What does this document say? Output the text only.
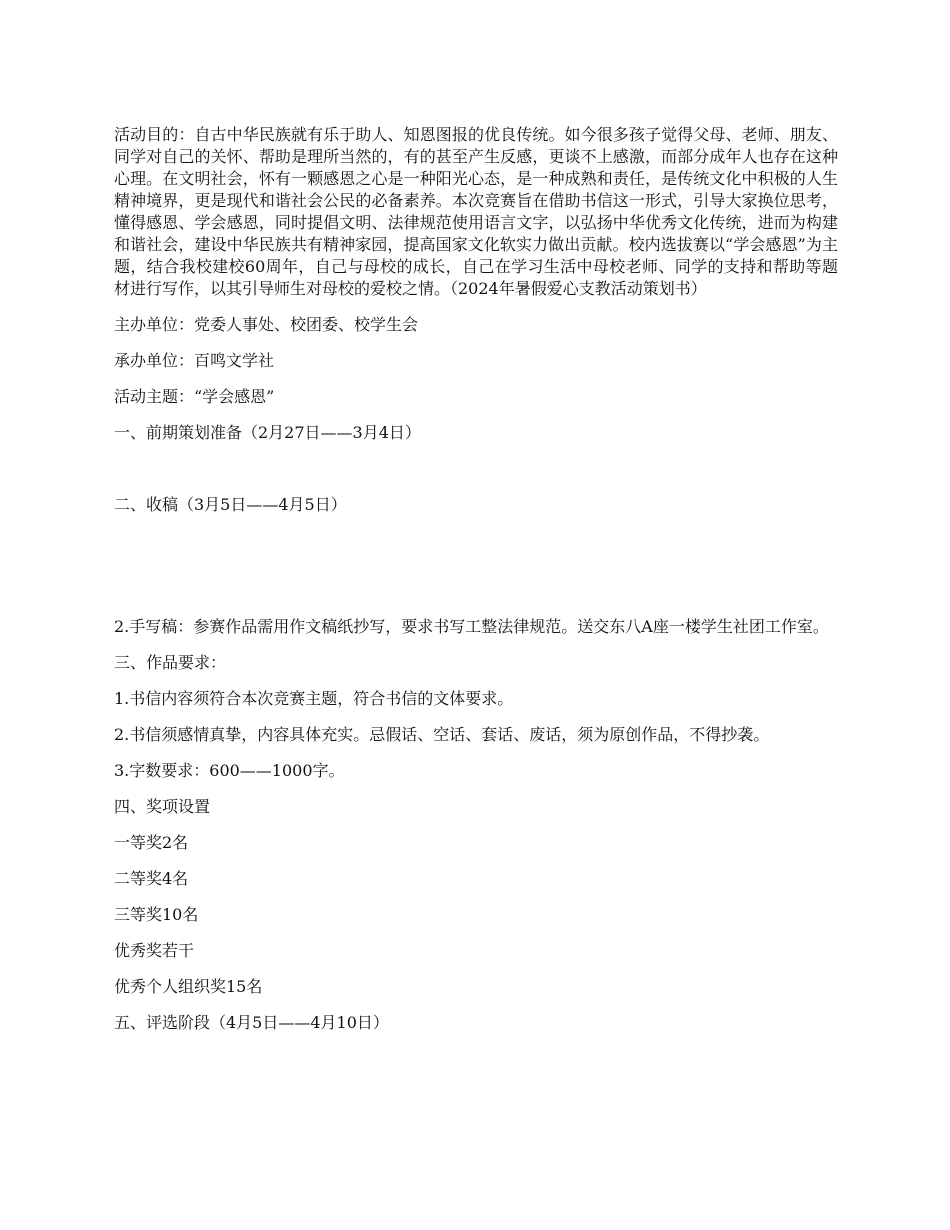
活动目的：自古中华民族就有乐于助人、知恩图报的优良传统。如今很多孩子觉得父母、老师、朋友、同学对自己的关怀、帮助是理所当然的，有的甚至产生反感，更谈不上感激，而部分成年人也存在这种心理。在文明社会，怀有一颗感恩之心是一种阳光心态，是一种成熟和责任，是传统文化中积极的人生精神境界，更是现代和谐社会公民的必备素养。本次竞赛旨在借助书信这一形式，引导大家换位思考，懂得感恩、学会感恩，同时提倡文明、法律规范使用语言文字，以弘扬中华优秀文化传统，进而为构建和谐社会，建设中华民族共有精神家园，提高国家文化软实力做出贡献。校内选拔赛以“学会感恩”为主题，结合我校建校60周年，自己与母校的成长，自己在学习生活中母校老师、同学的支持和帮助等题材进行写作，以其引导师生对母校的爱校之情。（2024年暑假爱心支教活动策划书）

主办单位：党委人事处、校团委、校学生会

承办单位：百鸣文学社

活动主题：“学会感恩”

一、前期策划准备（2月27日——3月4日）

二、收稿（3月5日——4月5日）

2.手写稿：参赛作品需用作文稿纸抄写，要求书写工整法律规范。送交东八A座一楼学生社团工作室。

三、作品要求：

1.书信内容须符合本次竞赛主题，符合书信的文体要求。

2.书信须感情真挚，内容具体充实。忌假话、空话、套话、废话，须为原创作品，不得抄袭。

3.字数要求：600——1000字。

四、奖项设置

一等奖2名

二等奖4名

三等奖10名

优秀奖若干

优秀个人组织奖15名

五、评选阶段（4月5日——4月10日）
